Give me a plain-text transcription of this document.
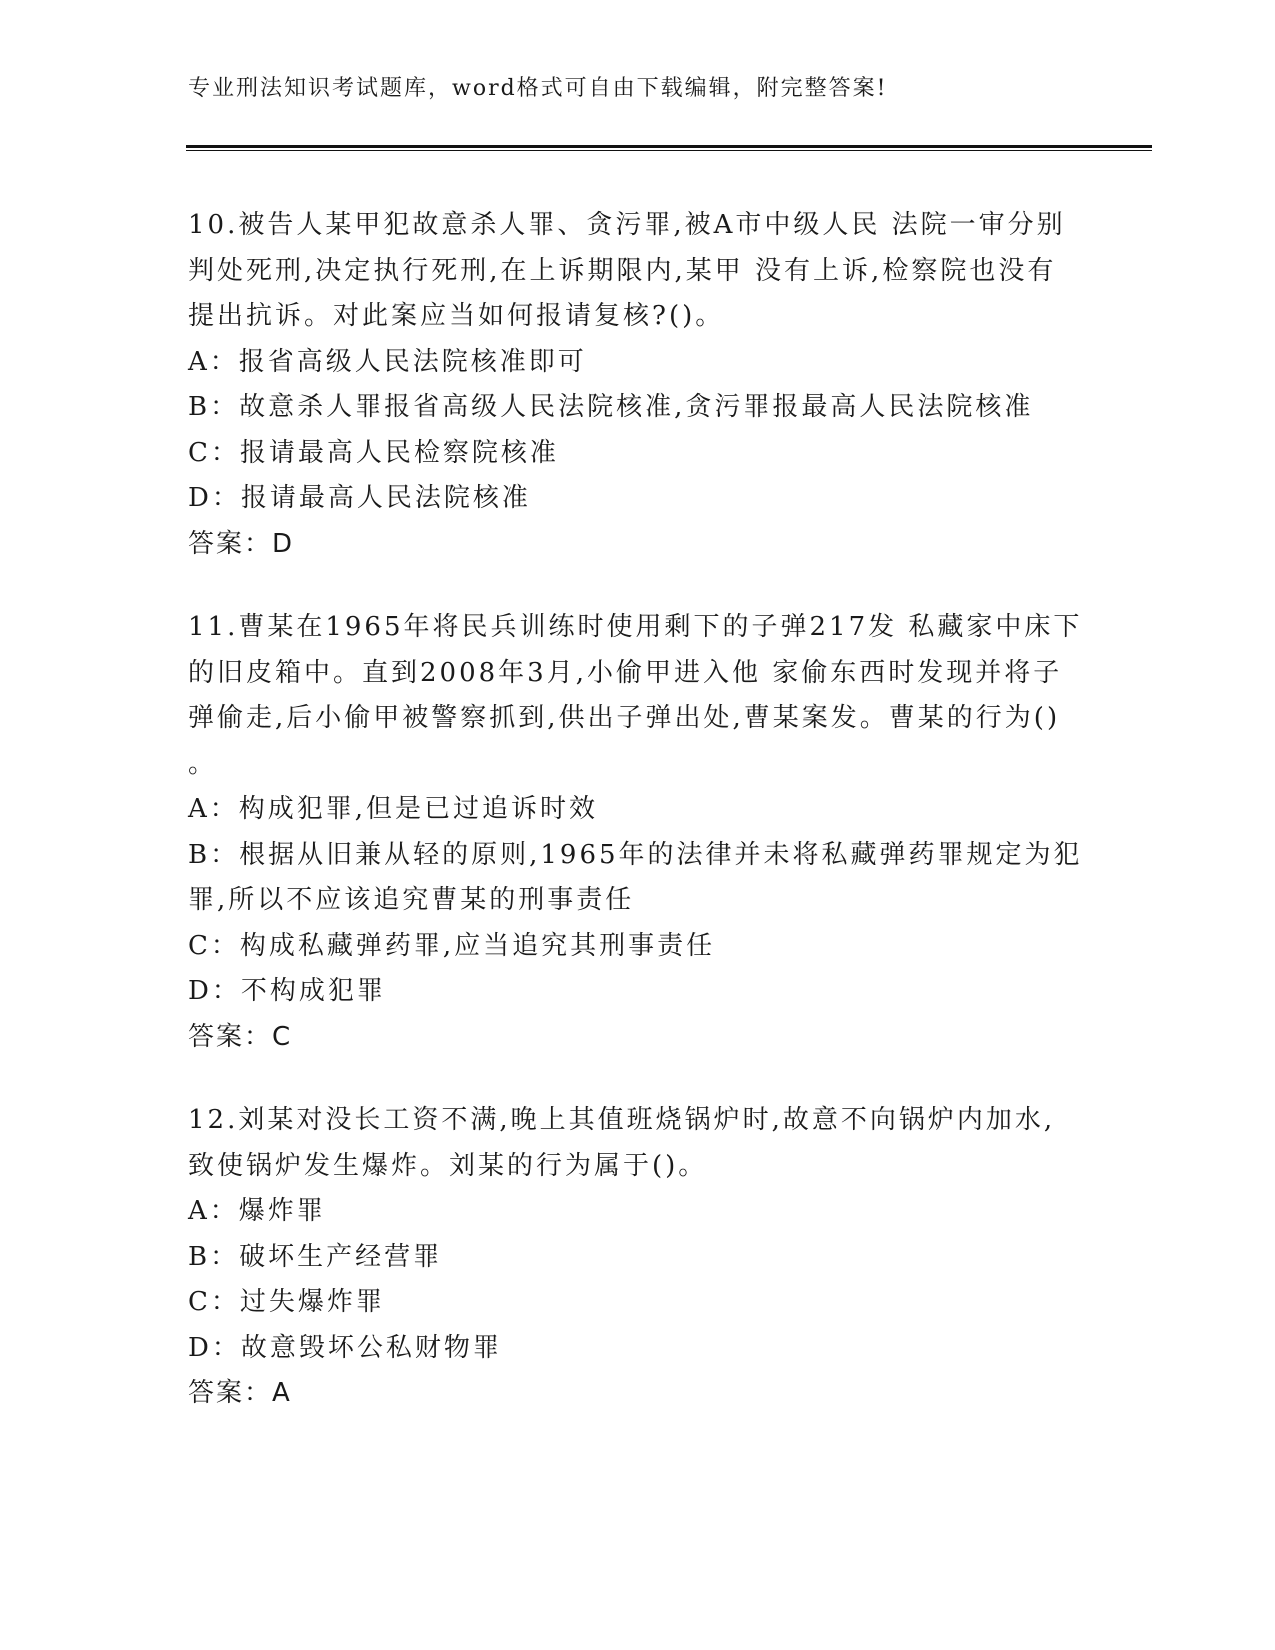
专业刑法知识考试题库，word格式可自由下载编辑，附完整答案!
10.被告人某甲犯故意杀人罪、贪污罪,被A市中级人民 法院一审分别
判处死刑,决定执行死刑,在上诉期限内,某甲 没有上诉,检察院也没有
提出抗诉。对此案应当如何报请复核?()。
A：报省高级人民法院核准即可
B：故意杀人罪报省高级人民法院核准,贪污罪报最高人民法院核准
C：报请最高人民检察院核准
D：报请最高人民法院核准
答案：D
11.曹某在1965年将民兵训练时使用剩下的子弹217发 私藏家中床下
的旧皮箱中。直到2008年3月,小偷甲进入他 家偷东西时发现并将子
弹偷走,后小偷甲被警察抓到,供出子弹出处,曹某案发。曹某的行为()
。
A：构成犯罪,但是已过追诉时效
B：根据从旧兼从轻的原则,1965年的法律并未将私藏弹药罪规定为犯
罪,所以不应该追究曹某的刑事责任
C：构成私藏弹药罪,应当追究其刑事责任
D：不构成犯罪
答案：C
12.刘某对没长工资不满,晚上其值班烧锅炉时,故意不向锅炉内加水,
致使锅炉发生爆炸。刘某的行为属于()。
A：爆炸罪
B：破坏生产经营罪
C：过失爆炸罪
D：故意毁坏公私财物罪
答案：A
